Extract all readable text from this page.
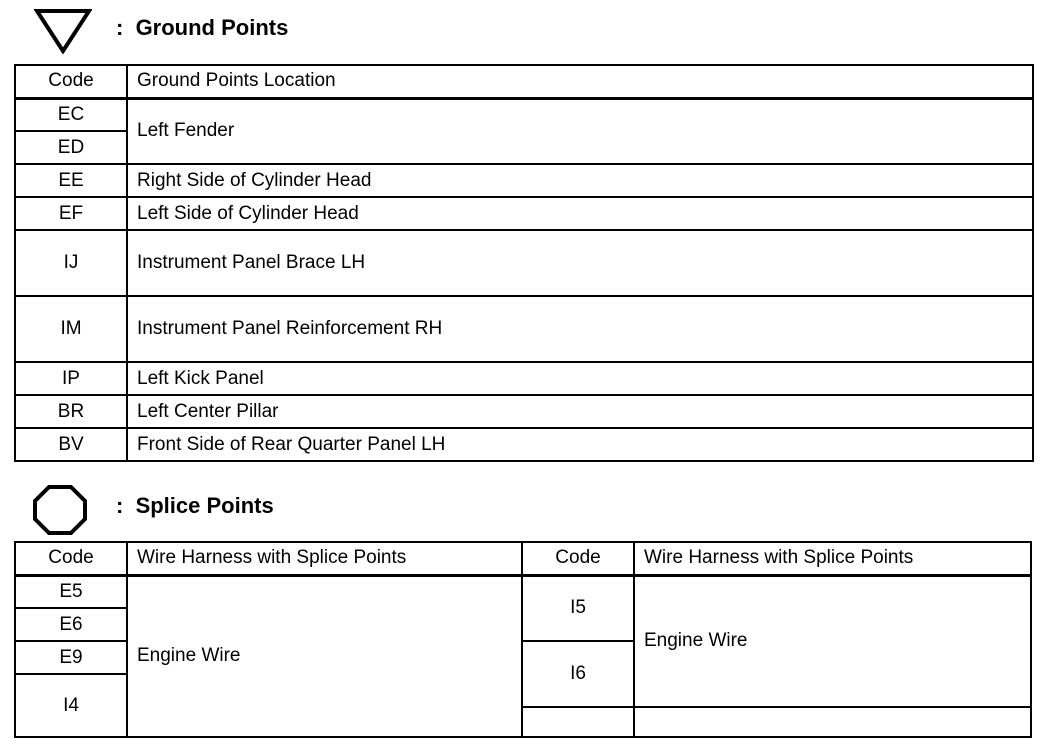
: Ground Points
Code	Ground Points Location
EC	Left Fender
ED	
EE	Right Side of Cylinder Head
EF	Left Side of Cylinder Head
IJ	Instrument Panel Brace LH
IM	Instrument Panel Reinforcement RH
IP	Left Kick Panel
BR	Left Center Pillar
BV	Front Side of Rear Quarter Panel LH
: Splice Points
Code	Wire Harness with Splice Points	Code	Wire Harness with Splice Points
E5	Engine Wire	I5	Engine Wire
E6			
E9		I6	
I4			
